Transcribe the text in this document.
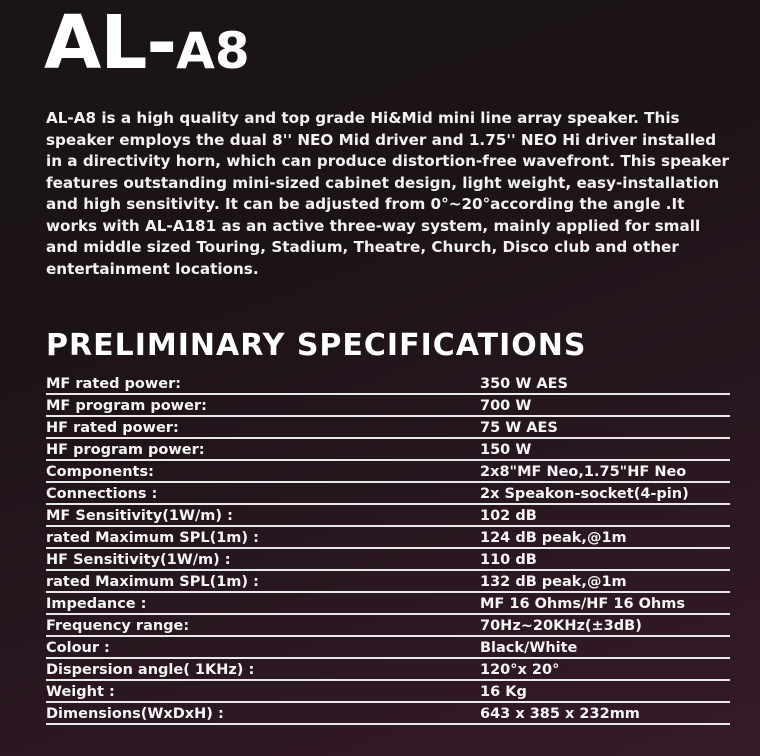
AL-A8

AL-A8 is a high quality and top grade Hi&Mid mini line array speaker. This speaker employs the dual 8'' NEO Mid driver and 1.75'' NEO Hi driver installed in a directivity horn, which can produce distortion-free wavefront. This speaker features outstanding mini-sized cabinet design, light weight, easy-installation and high sensitivity. It can be adjusted from 0°~20°according the angle .It works with AL-A181 as an active three-way system, mainly applied for small and middle sized Touring, Stadium, Theatre, Church, Disco club and other entertainment locations.

PRELIMINARY SPECIFICATIONS
MF rated power:	350 W AES
MF program power:	700 W
HF rated power:	75 W AES
HF program power:	150 W
Components:	2x8"MF Neo,1.75"HF Neo
Connections :	2x Speakon-socket(4-pin)
MF Sensitivity(1W/m) :	102 dB
rated Maximum SPL(1m) :	124 dB peak,@1m
HF Sensitivity(1W/m) :	110 dB
rated Maximum SPL(1m) :	132 dB peak,@1m
Impedance :	MF 16 Ohms/HF 16 Ohms
Frequency range:	70Hz~20KHz(±3dB)
Colour :	Black/White
Dispersion angle( 1KHz) :	120°x 20°
Weight :	16 Kg
Dimensions(WxDxH) :	643 x 385 x 232mm
